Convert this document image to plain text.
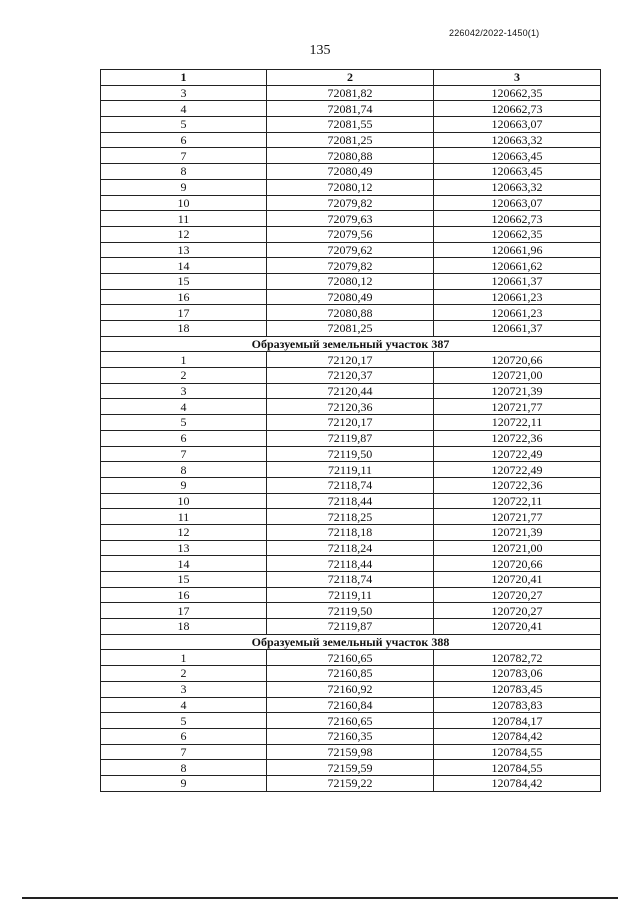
226042/2022-1450(1)
135
1	2	3
3	72081,82	120662,35
4	72081,74	120662,73
5	72081,55	120663,07
6	72081,25	120663,32
7	72080,88	120663,45
8	72080,49	120663,45
9	72080,12	120663,32
10	72079,82	120663,07
11	72079,63	120662,73
12	72079,56	120662,35
13	72079,62	120661,96
14	72079,82	120661,62
15	72080,12	120661,37
16	72080,49	120661,23
17	72080,88	120661,23
18	72081,25	120661,37
Образуемый земельный участок 387		
1	72120,17	120720,66
2	72120,37	120721,00
3	72120,44	120721,39
4	72120,36	120721,77
5	72120,17	120722,11
6	72119,87	120722,36
7	72119,50	120722,49
8	72119,11	120722,49
9	72118,74	120722,36
10	72118,44	120722,11
11	72118,25	120721,77
12	72118,18	120721,39
13	72118,24	120721,00
14	72118,44	120720,66
15	72118,74	120720,41
16	72119,11	120720,27
17	72119,50	120720,27
18	72119,87	120720,41
Образуемый земельный участок 388		
1	72160,65	120782,72
2	72160,85	120783,06
3	72160,92	120783,45
4	72160,84	120783,83
5	72160,65	120784,17
6	72160,35	120784,42
7	72159,98	120784,55
8	72159,59	120784,55
9	72159,22	120784,42
